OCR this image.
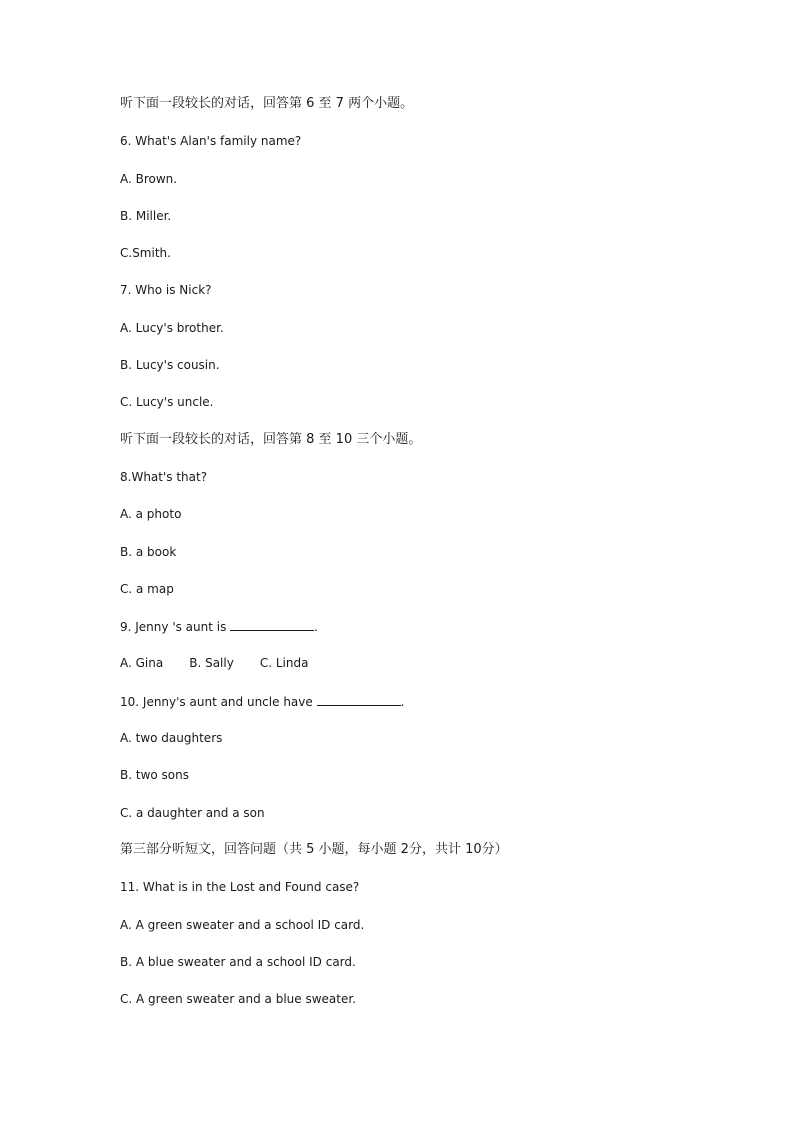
听下面一段较长的对话，回答第 6 至 7 两个小题。
6. What's Alan's family name?
A. Brown.
B. Miller.
C.Smith.
7. Who is Nick?
A. Lucy's brother.
B. Lucy's cousin.
C. Lucy's uncle.
听下面一段较长的对话，回答第 8 至 10 三个小题。
8.What's that?
A. a photo
B. a book
C. a map
9. Jenny 's aunt is	.
A. Gina B. Sally C. Linda
10. Jenny's aunt and uncle have	.
A. two daughters
B. two sons
C. a daughter and a son
第三部分听短文，回答问题（共 5 小题，每小题 2分，共计 10分）
11. What is in the Lost and Found case?
A. A green sweater and a school ID card.
B. A blue sweater and a school ID card.
C. A green sweater and a blue sweater.
